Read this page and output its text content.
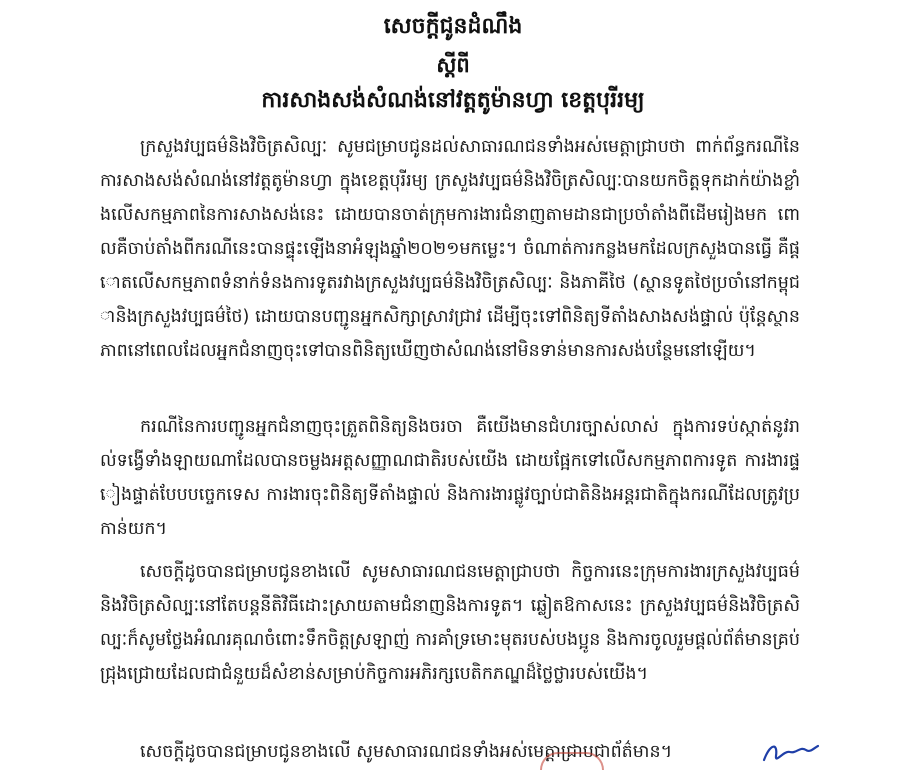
សេចក្តីជូនដំណឹង
ស្តីពី
ការសាងសង់សំណង់នៅវត្តតូម៉ានហ្វា ខេត្តបុរីរម្យ
ក្រសួងវប្បធម៌និងវិចិត្រសិល្បៈ សូមជម្រាបជូនដល់សាធារណជនទាំងអស់មេត្តាជ្រាបថា ពាក់ព័ន្ធករណីនៃការសាងសង់សំណង់នៅវត្តតូម៉ានហ្វា ក្នុងខេត្តបុរីរម្យ ក្រសួងវប្បធម៌និងវិចិត្រសិល្បៈបានយកចិត្តទុកដាក់យ៉ាងខ្លាំងលើសកម្មភាពនៃការសាងសង់នេះ ដោយបានចាត់ក្រុមការងារជំនាញតាមដានជាប្រចាំតាំងពីដើមរៀងមក ពោលគឺចាប់តាំងពីករណីនេះបានផ្ទុះឡើងនាអំឡុងឆ្នាំ២០២១មកម្លេះ។ ចំណាត់ការកន្លងមកដែលក្រសួងបានធ្វើ គឺផ្តោតលើសកម្មភាពទំនាក់ទំនងការទូតរវាងក្រសួងវប្បធម៌និងវិចិត្រសិល្បៈ និងភាគីថៃ (ស្ថានទូតថៃប្រចាំនៅកម្ពុជានិងក្រសួងវប្បធម៌ថៃ) ដោយបានបញ្ជូនអ្នកសិក្សាស្រាវជ្រាវ ដើម្បីចុះទៅពិនិត្យទីតាំងសាងសង់ផ្ទាល់ ប៉ុន្តែស្ថានភាពនៅពេលដែលអ្នកជំនាញចុះទៅបានពិនិត្យឃើញថាសំណង់នៅមិនទាន់មានការសង់បន្ថែមនៅឡើយ។
ករណីនៃការបញ្ជូនអ្នកជំនាញចុះត្រួតពិនិត្យនិងចរចា គឺយើងមានជំហរច្បាស់លាស់ ក្នុងការទប់ស្កាត់នូវរាល់ទង្វើទាំងឡាយណាដែលបានចម្លងអត្តសញ្ញាណជាតិរបស់យើង ដោយផ្អែកទៅលើសកម្មភាពការទូត ការងារផ្ទៀងផ្ទាត់បែបបច្ចេកទេស ការងារចុះពិនិត្យទីតាំងផ្ទាល់ និងការងារផ្លូវច្បាប់ជាតិនិងអន្តរជាតិក្នុងករណីដែលត្រូវប្រកាន់យក។
សេចក្តីដូចបានជម្រាបជូនខាងលើ សូមសាធារណជនមេត្តាជ្រាបថា កិច្ចការនេះក្រុមការងារក្រសួងវប្បធម៌និងវិចិត្រសិល្បៈនៅតែបន្តនីតិវិធីដោះស្រាយតាមជំនាញនិងការទូត។ ឆ្លៀតឱកាសនេះ ក្រសួងវប្បធម៌និងវិចិត្រសិល្បៈក៏សូមថ្លែងអំណរគុណចំពោះទឹកចិត្តស្រឡាញ់ ការគាំទ្រមោះមុតរបស់បងប្អូន និងការចូលរួមផ្តល់ព័ត៌មានគ្រប់ជ្រុងជ្រោយដែលជាជំនួយដ៏សំខាន់សម្រាប់កិច្ចការអភិរក្សបេតិកភណ្ឌដ៏ថ្លៃថ្លារបស់យើង។
សេចក្តីដូចបានជម្រាបជូនខាងលើ សូមសាធារណជនទាំងអស់មេត្តាជ្រាបជាព័ត៌មាន។
